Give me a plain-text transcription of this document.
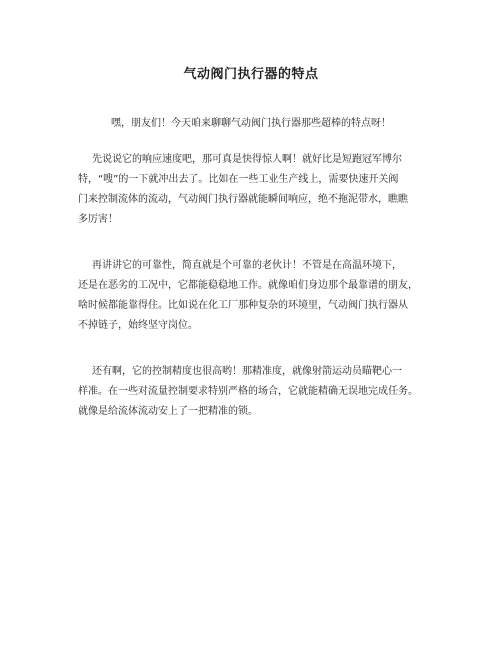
气动阀门执行器的特点
嘿，朋友们！今天咱来聊聊气动阀门执行器那些超棒的特点呀！
先说说它的响应速度吧，那可真是快得惊人啊！就好比是短跑冠军博尔
特，“嗖”的一下就冲出去了。比如在一些工业生产线上，需要快速开关阀
门来控制流体的流动，气动阀门执行器就能瞬间响应，绝不拖泥带水，瞧瞧
多厉害！
再讲讲它的可靠性，简直就是个可靠的老伙计！不管是在高温环境下，
还是在恶劣的工况中，它都能稳稳地工作。就像咱们身边那个最靠谱的朋友，
啥时候都能靠得住。比如说在化工厂那种复杂的环境里，气动阀门执行器从
不掉链子，始终坚守岗位。
还有啊，它的控制精度也很高哟！那精准度，就像射箭运动员瞄靶心一
样准。在一些对流量控制要求特别严格的场合，它就能精确无误地完成任务。
就像是给流体流动安上了一把精准的锁。
